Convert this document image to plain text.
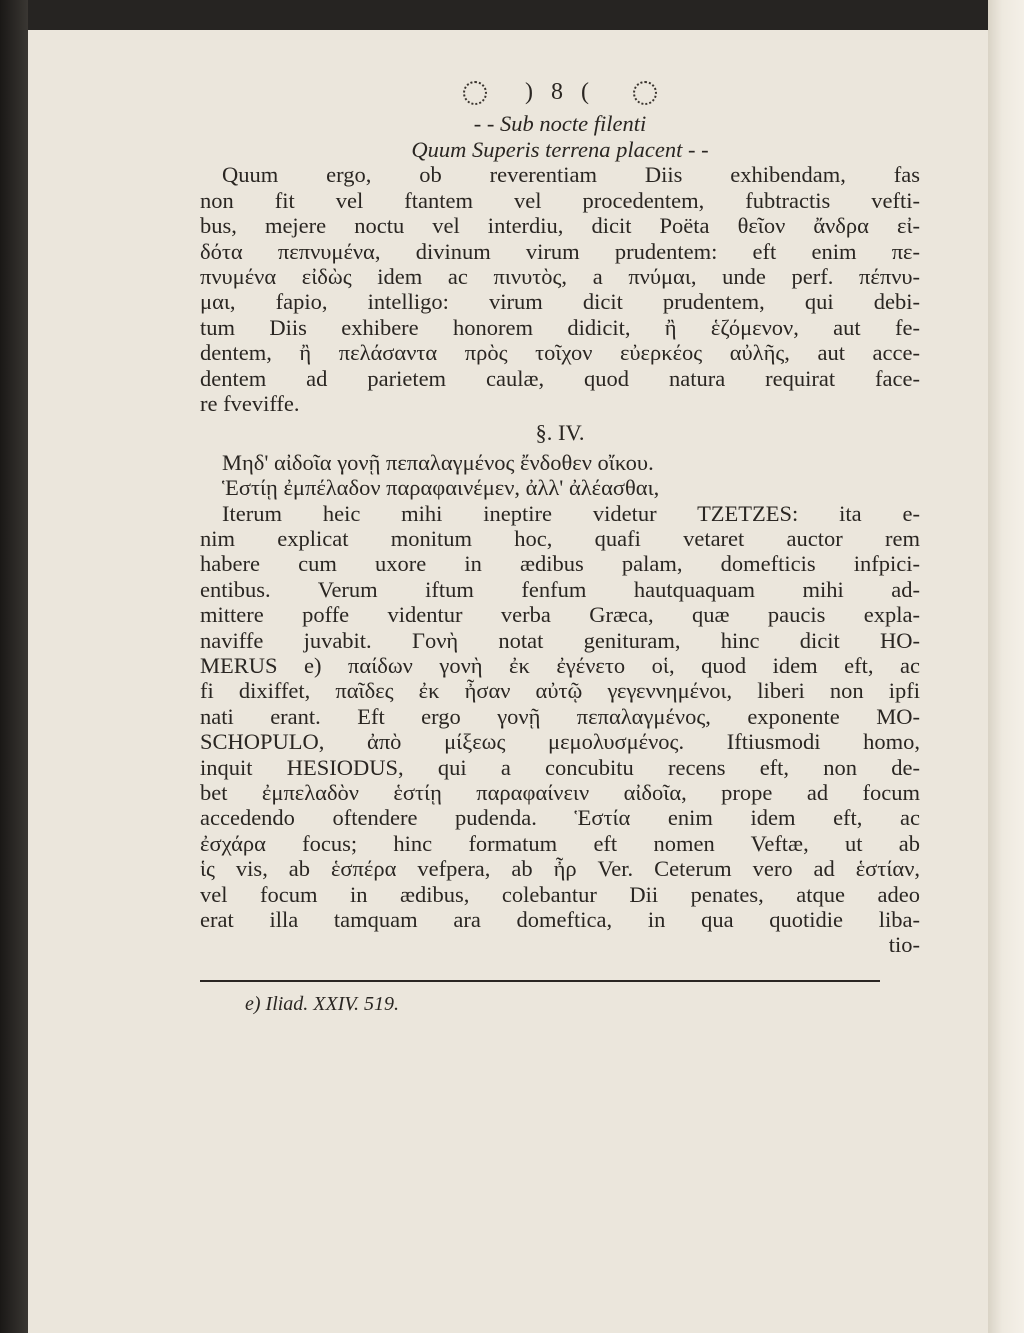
) 8 (
- - Sub nocte filenti
Quum Superis terrena placent - -
Quum ergo, ob reverentiam Diis exhibendam, fas
non fit vel ftantem vel procedentem, fubtractis vefti-
bus, mejere noctu vel interdiu, dicit Poëta θεῖον ἄνδρα εἰ-
δότα πεπνυμένα, divinum virum prudentem: eft enim πε-
πνυμένα εἰδὼς idem ac πινυτὸς, a πνύμαι, unde perf. πέπνυ-
μαι, fapio, intelligo: virum dicit prudentem, qui debi-
tum Diis exhibere honorem didicit, ἢ ἑζόμενον, aut fe-
dentem, ἢ πελάσαντα πρὸς τοῖχον εὐερκέος αὐλῆς, aut acce-
dentem ad parietem caulæ, quod natura requirat face-
re fveviffe.
§. IV.
Μηδ' αἰδοῖα γονῇ πεπαλαγμένος ἔνδοθεν οἴκου.
Ἑστίῃ ἐμπέλαδον παραφαινέμεν, ἀλλ' ἀλέασθαι,
Iterum heic mihi ineptire videtur TZETZES: ita e-
nim explicat monitum hoc, quafi vetaret auctor rem
habere cum uxore in ædibus palam, domefticis infpici-
entibus. Verum iftum fenfum hautquaquam mihi ad-
mittere poffe videntur verba Græca, quæ paucis expla-
naviffe juvabit. Γονὴ notat genituram, hinc dicit HO-
MERUS e) παίδων γονὴ ἐκ ἐγένετο οἱ, quod idem eft, ac
fi dixiffet, παῖδες ἐκ ἦσαν αὐτῷ γεγεννημένοι, liberi non ipfi
nati erant. Eft ergo γονῇ πεπαλαγμένος, exponente MO-
SCHOPULO, ἀπὸ μίξεως μεμολυσμένος. Iftiusmodi homo,
inquit HESIODUS, qui a concubitu recens eft, non de-
bet ἐμπελαδὸν ἑστίῃ παραφαίνειν αἰδοῖα, prope ad focum
accedendo oftendere pudenda. Ἑστία enim idem eft, ac
ἐσχάρα focus; hinc formatum eft nomen Veftæ, ut ab
ἱς vis, ab ἑσπέρα vefpera, ab ἦρ Ver. Ceterum vero ad ἑστίαν,
vel focum in ædibus, colebantur Dii penates, atque adeo
erat illa tamquam ara domeftica, in qua quotidie liba-
tio-
e) Iliad. XXIV. 519.
